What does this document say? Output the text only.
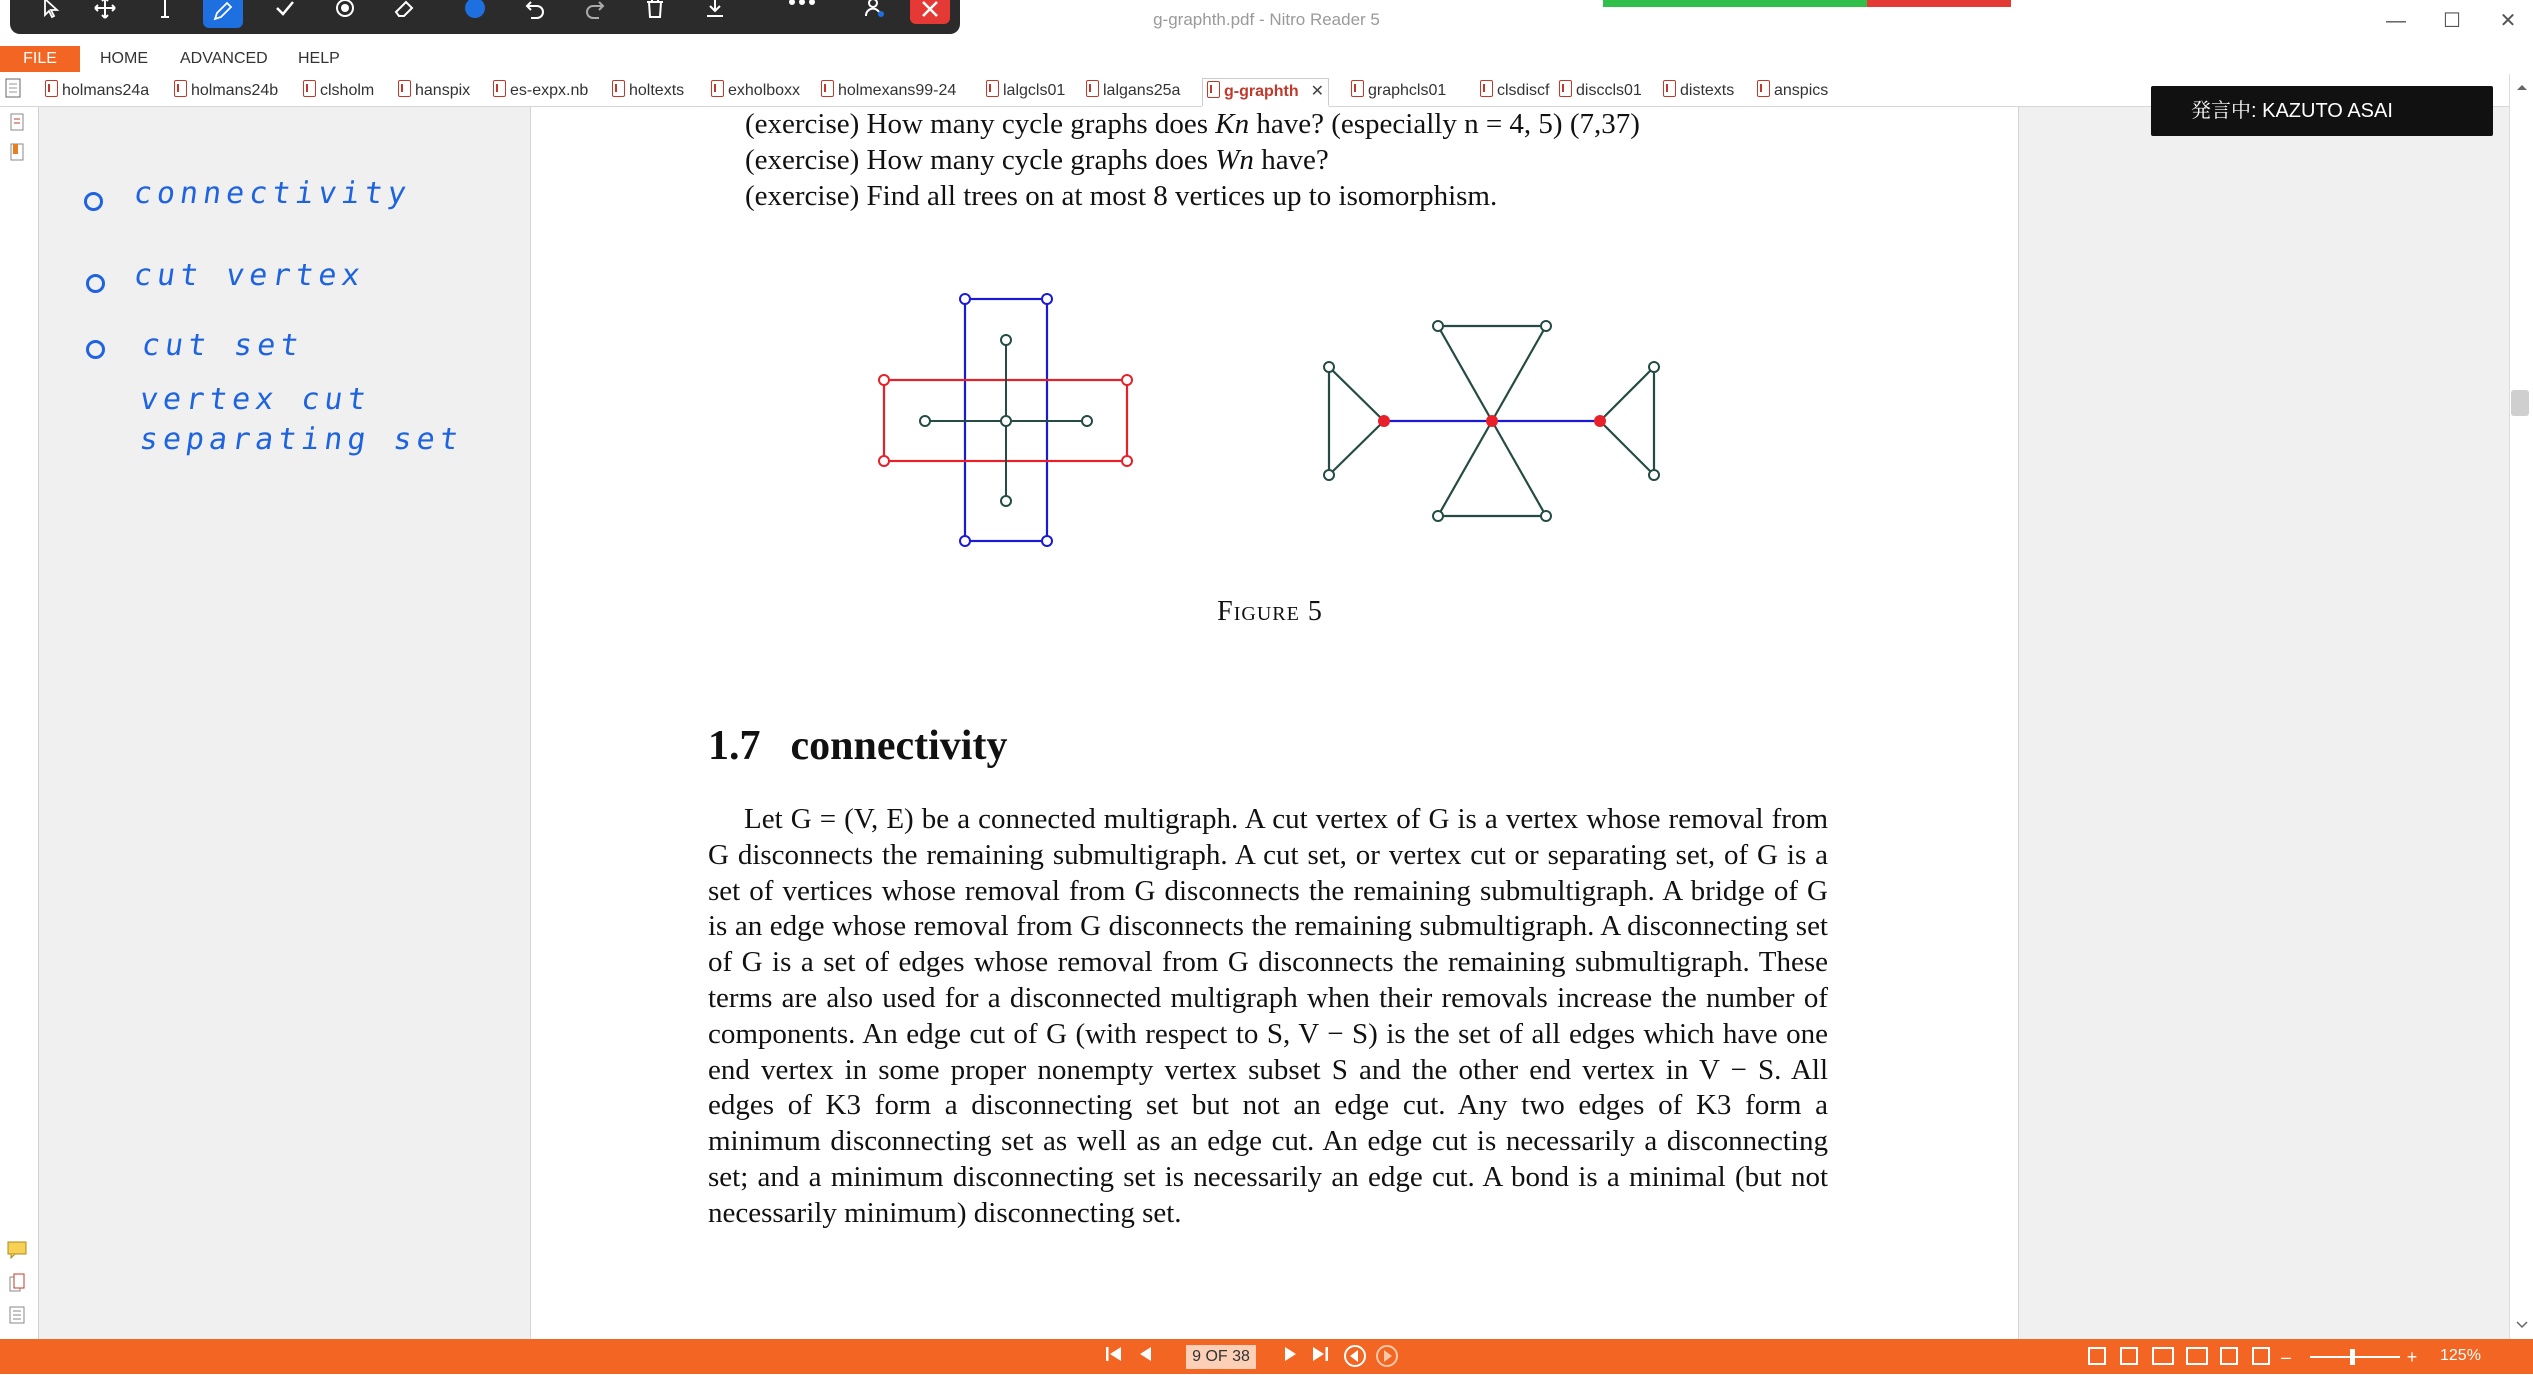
g-graphth.pdf - Nitro Reader 5	—	☐	✕
FILE	HOME ADVANCED HELP
holmans24a	holmans24b	clsholm	hanspix	es-expx.nb	holtexts	exholboxx	holmexans99-24	lalgcls01	lalgans25a	g-graphth ✕	graphcls01	clsdiscf	disccls01	distexts	anspics
connectivity
cut vertex
cut set
vertex cut
separating set
(exercise) How many cycle graphs does Kn have? (especially n = 4, 5) (7,37)
(exercise) How many cycle graphs does Wn have?
(exercise) Find all trees on at most 8 vertices up to isomorphism.
Figure 5
1.7 connectivity
Let G = (V, E) be a connected multigraph. A cut vertex of G is a vertex whose removal from G disconnects the remaining submultigraph. A cut set, or vertex cut or separating set, of G is a set of vertices whose removal from G disconnects the remaining submultigraph. A bridge of G is an edge whose removal from G disconnects the remaining submultigraph. A disconnecting set of G is a set of edges whose removal from G disconnects the remaining submultigraph. These terms are also used for a disconnected multigraph when their removals increase the number of components. An edge cut of G (with respect to S, V − S) is the set of all edges which have one end vertex in some proper nonempty vertex subset S and the other end vertex in V − S. All edges of K3 form a disconnecting set but not an edge cut. Any two edges of K3 form a minimum disconnecting set as well as an edge cut. An edge cut is necessarily a disconnecting set; and a minimum disconnecting set is necessarily an edge cut. A bond is a minimal (but not necessarily minimum) disconnecting set.
発言中: KAZUTO ASAI
9 OF 38	–	+ 125%
